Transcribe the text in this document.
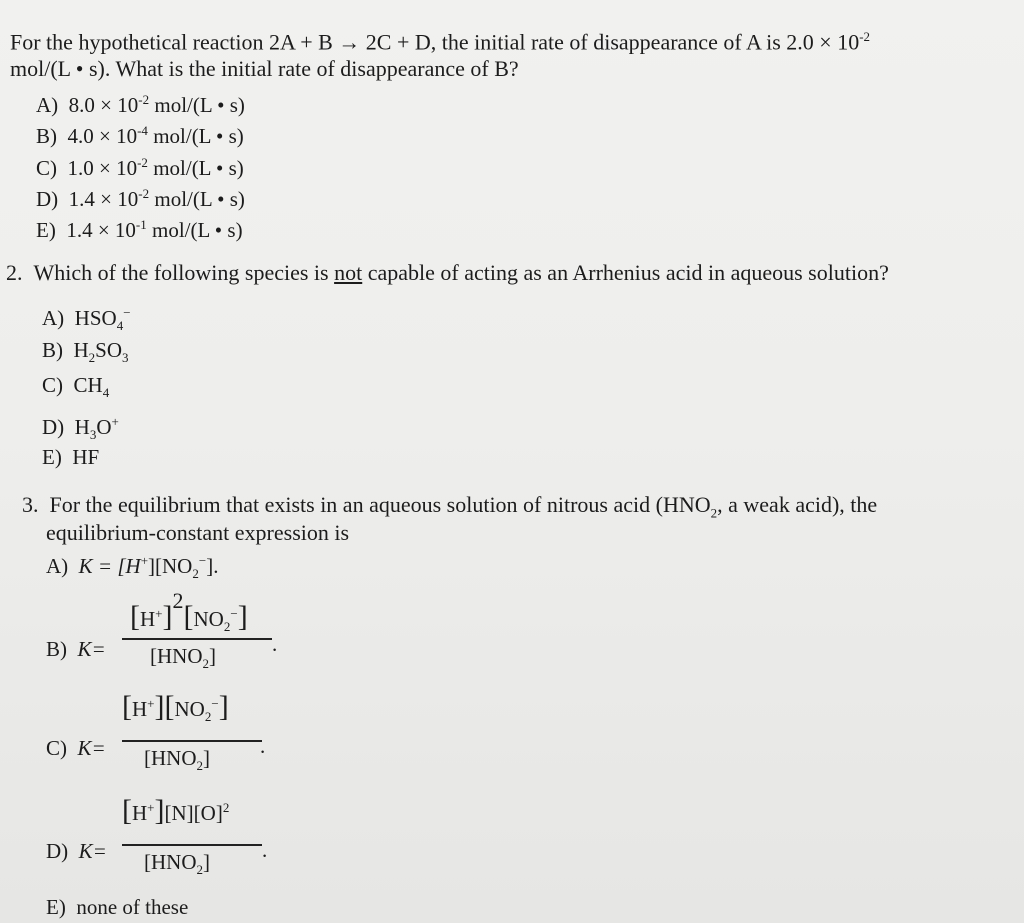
For the hypothetical reaction 2A + B → 2C + D, the initial rate of disappearance of A is $2.0 \times 10^{-2}$
mol/(L • s). What is the initial rate of disappearance of B?
A) $8.0 \times 10^{-2}$ mol/(L • s)
B) $4.0 \times 10^{-4}$ mol/(L • s)
C) $1.0 \times 10^{-2}$ mol/(L • s)
D) $1.4 \times 10^{-2}$ mol/(L • s)
E) $1.4 \times 10^{-1}$ mol/(L • s)
2. Which of the following species is not capable of acting as an Arrhenius acid in aqueous solution?
A) $HSO_4^-$
B) $H_2SO_3$
C) $CH_4$
D) $H_3O^+$
E) HF
3. For the equilibrium that exists in an aqueous solution of nitrous acid ($HNO_2$, a weak acid), the
equilibrium-constant expression is
A) $K = [H^+][NO_2^-]$.
B) K=
$[H^+]^2[NO_2^-]$
$[HNO_2]$	.
C) K=
$[H^+][NO_2^-]$
$[HNO_2]$ .
D) K=
$[H^+][N][O]^2$
$[HNO_2]$ .
E) none of these
